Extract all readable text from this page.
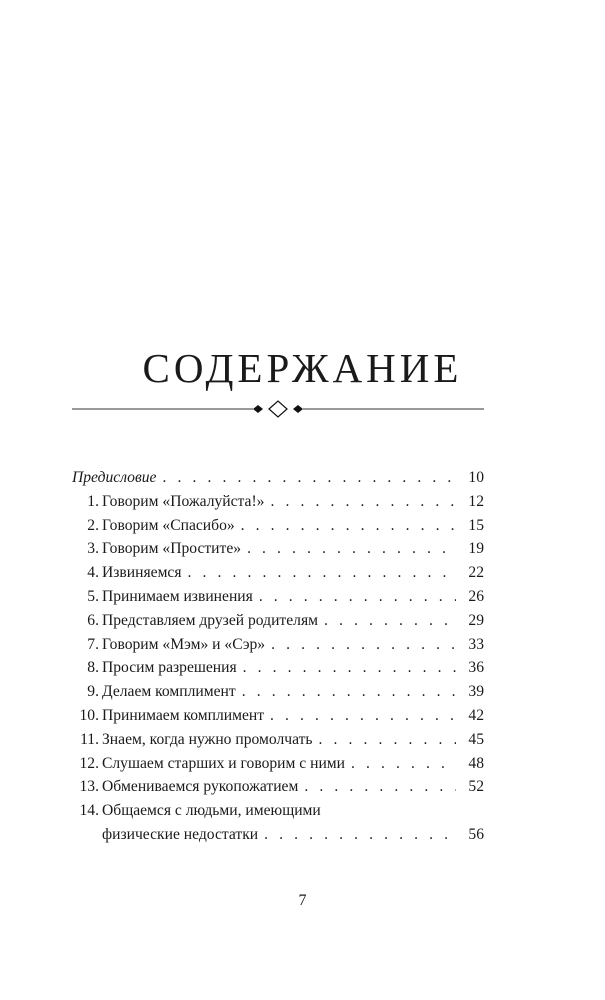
СОДЕРЖАНИЕ
Предисловие . . .	10
1. Говорим «Пожалуйста!» . . .	12
2. Говорим «Спасибо» . . .	15
3. Говорим «Простите» . . .	19
4. Извиняемся . . .	22
5. Принимаем извинения . . .	26
6. Представляем друзей родителям . . .	29
7. Говорим «Мэм» и «Сэр» . . .	33
8. Просим разрешения . . .	36
9. Делаем комплимент . . .	39
10. Принимаем комплимент . . .	42
11. Знаем, когда нужно промолчать . . .	45
12. Слушаем старших и говорим с ними . . .	48
13. Обмениваемся рукопожатием . . .	52
14. Общаемся с людьми, имеющими
физические недостатки . . .	56
7
